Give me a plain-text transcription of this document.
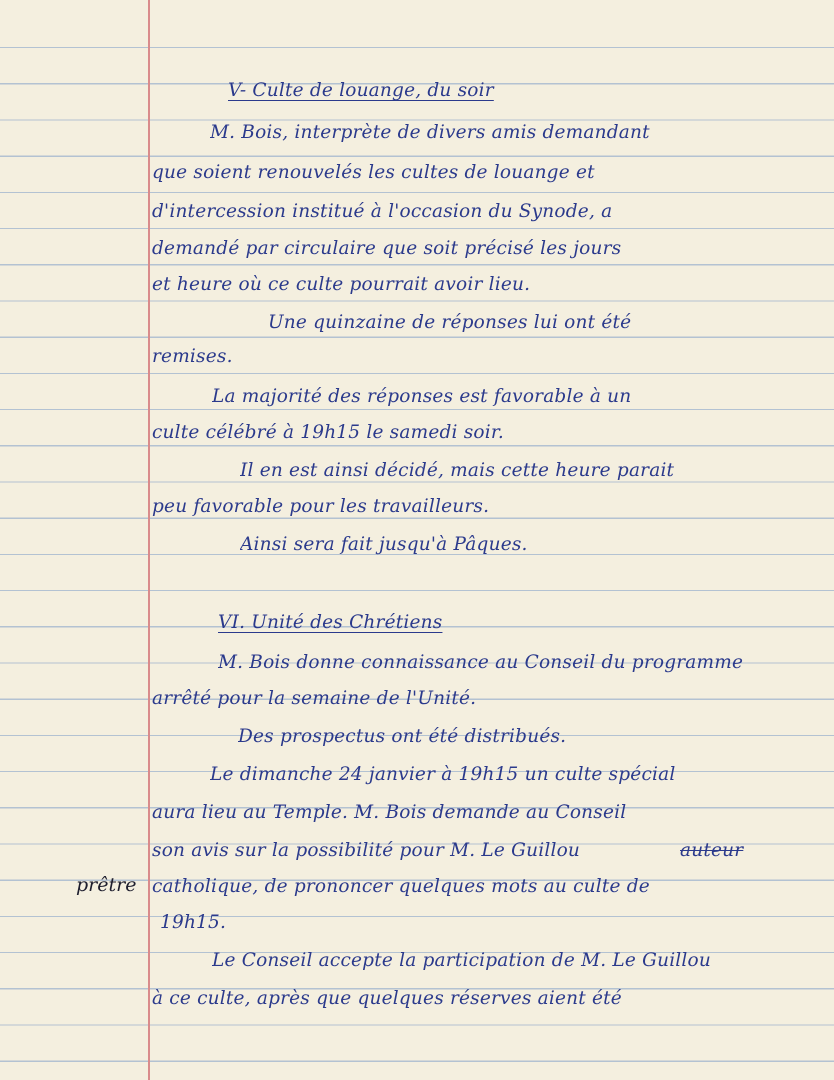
V- Culte de louange, du soir
M. Bois, interprète de divers amis demandant
que soient renouvelés les cultes de louange et
d'intercession institué à l'occasion du Synode, a
demandé par circulaire que soit précisé les jours
et heure où ce culte pourrait avoir lieu.
Une quinzaine de réponses lui ont été
remises.
La majorité des réponses est favorable à un
culte célébré à 19h15 le samedi soir.
Il en est ainsi décidé, mais cette heure parait
peu favorable pour les travailleurs.
Ainsi sera fait jusqu'à Pâques.
VI. Unité des Chrétiens
M. Bois donne connaissance au Conseil du programme
arrêté pour la semaine de l'Unité.
Des prospectus ont été distribués.
Le dimanche 24 janvier à 19h15 un culte spécial
aura lieu au Temple. M. Bois demande au Conseil
son avis sur la possibilité pour M. Le Guillou	auteur
catholique, de prononcer quelques mots au culte de
19h15.
Le Conseil accepte la participation de M. Le Guillou
à ce culte, après que quelques réserves aient été
prêtre
